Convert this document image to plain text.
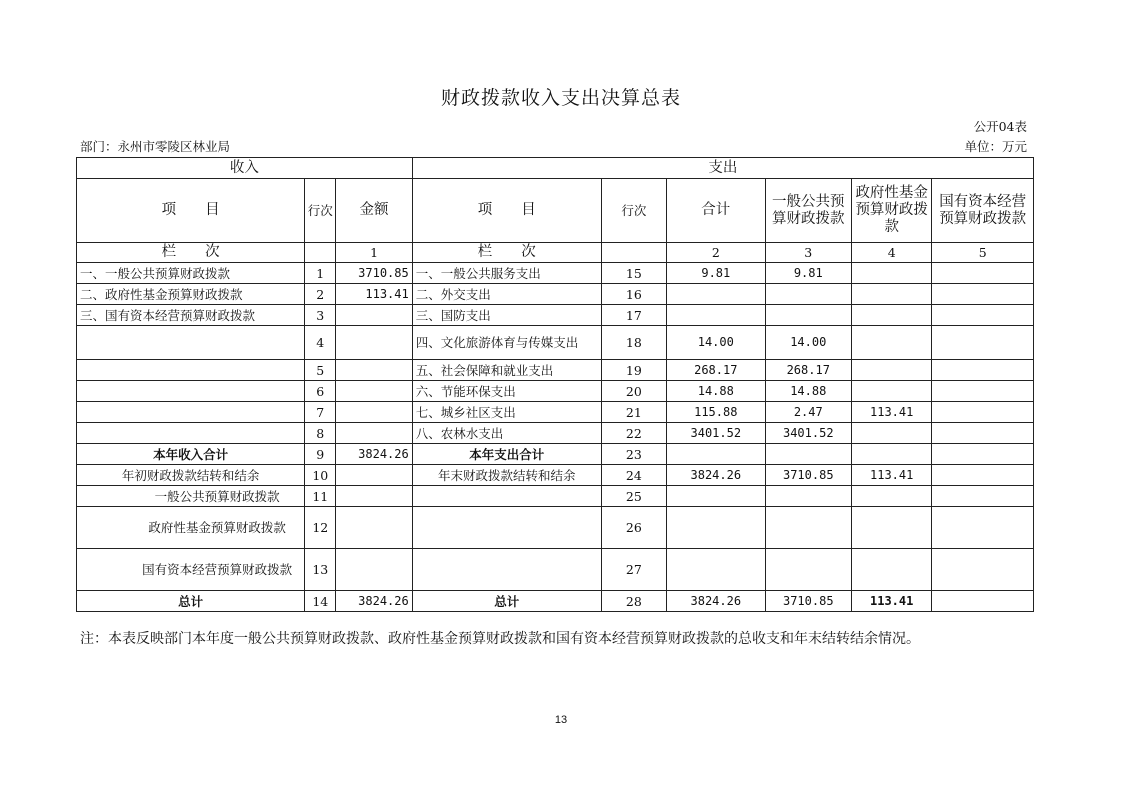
财政拨款收入支出决算总表
公开04表
部门：永州市零陵区林业局	单位：万元
收入			支出					
项　　目	行次	金额	项　　目	行次	合计	一般公共预算财政拨款	政府性基金预算财政拨款	国有资本经营预算财政拨款
栏　　次		1	栏　　次		2	3	4	5
一、一般公共预算财政拨款	1	3710.85	一、一般公共服务支出	15	9.81	9.81		
二、政府性基金预算财政拨款	2	113.41	二、外交支出	16				
三、国有资本经营预算财政拨款	3		三、国防支出	17				
	4		四、文化旅游体育与传媒支出	18	14.00	14.00		
	5		五、社会保障和就业支出	19	268.17	268.17		
	6		六、节能环保支出	20	14.88	14.88		
	7		七、城乡社区支出	21	115.88	2.47	113.41	
	8		八、农林水支出	22	3401.52	3401.52		
本年收入合计	9	3824.26	本年支出合计	23				
年初财政拨款结转和结余	10		年末财政拨款结转和结余	24	3824.26	3710.85	113.41	
一般公共预算财政拨款	11			25				
政府性基金预算财政拨款	12			26				
国有资本经营预算财政拨款	13			27				
总计	14	3824.26	总计	28	3824.26	3710.85	113.41	
注：本表反映部门本年度一般公共预算财政拨款、政府性基金预算财政拨款和国有资本经营预算财政拨款的总收支和年末结转结余情况。
13
